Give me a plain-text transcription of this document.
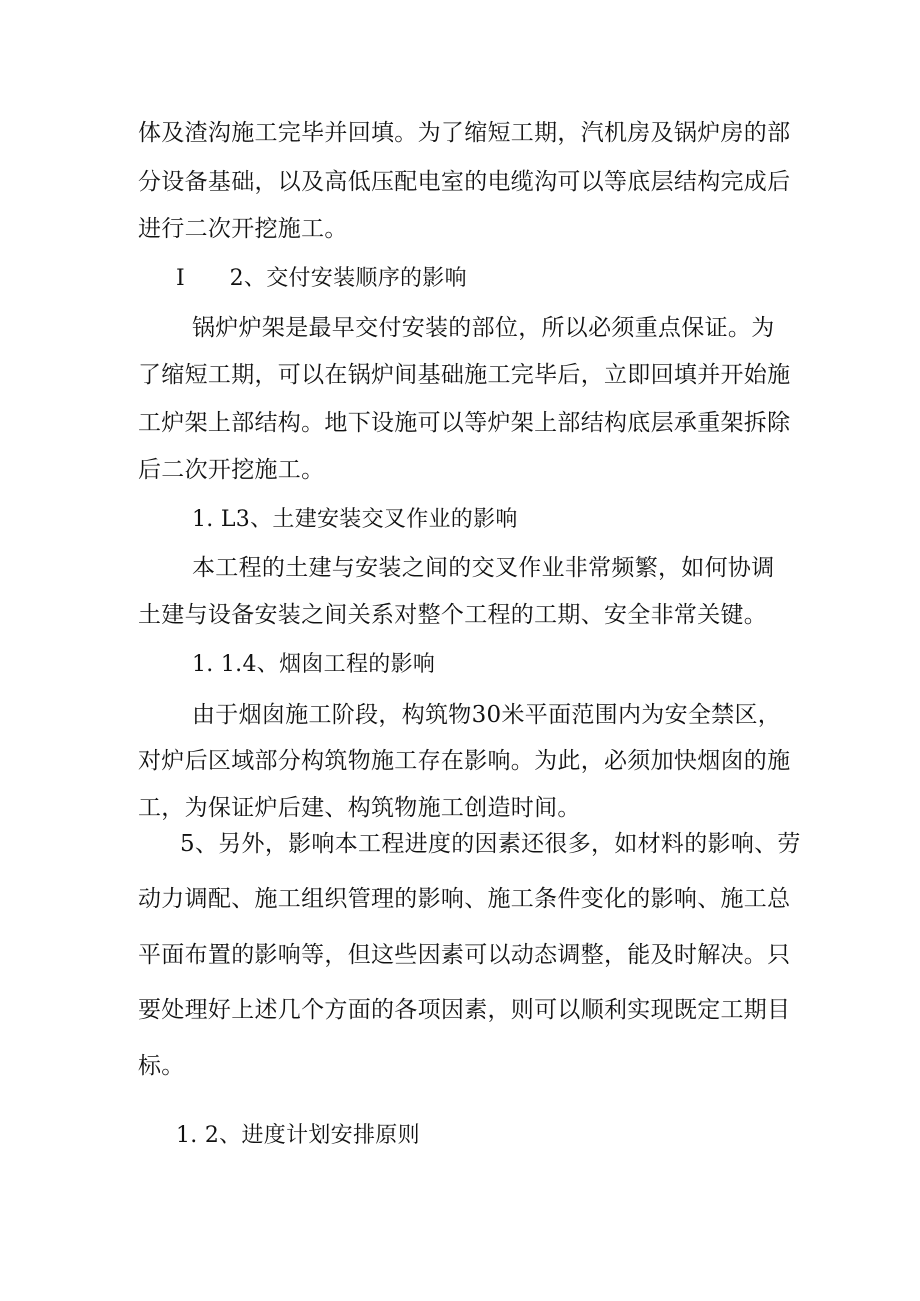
体及渣沟施工完毕并回填。为了缩短工期，汽机房及锅炉房的部
分设备基础，以及高低压配电室的电缆沟可以等底层结构完成后
进行二次开挖施工。
I　　2、交付安装顺序的影响
锅炉炉架是最早交付安装的部位，所以必须重点保证。为
了缩短工期，可以在锅炉间基础施工完毕后，立即回填并开始施
工炉架上部结构。地下设施可以等炉架上部结构底层承重架拆除
后二次开挖施工。
1. L3、土建安装交叉作业的影响
本工程的土建与安装之间的交叉作业非常频繁，如何协调
土建与设备安装之间关系对整个工程的工期、安全非常关键。
1. 1.4、烟囱工程的影响
由于烟囱施工阶段，构筑物30米平面范围内为安全禁区，
对炉后区域部分构筑物施工存在影响。为此，必须加快烟囱的施
工，为保证炉后建、构筑物施工创造时间。
5、另外，影响本工程进度的因素还很多，如材料的影响、劳
动力调配、施工组织管理的影响、施工条件变化的影响、施工总
平面布置的影响等，但这些因素可以动态调整，能及时解决。只
要处理好上述几个方面的各项因素，则可以顺利实现既定工期目
标。
1. 2、进度计划安排原则
